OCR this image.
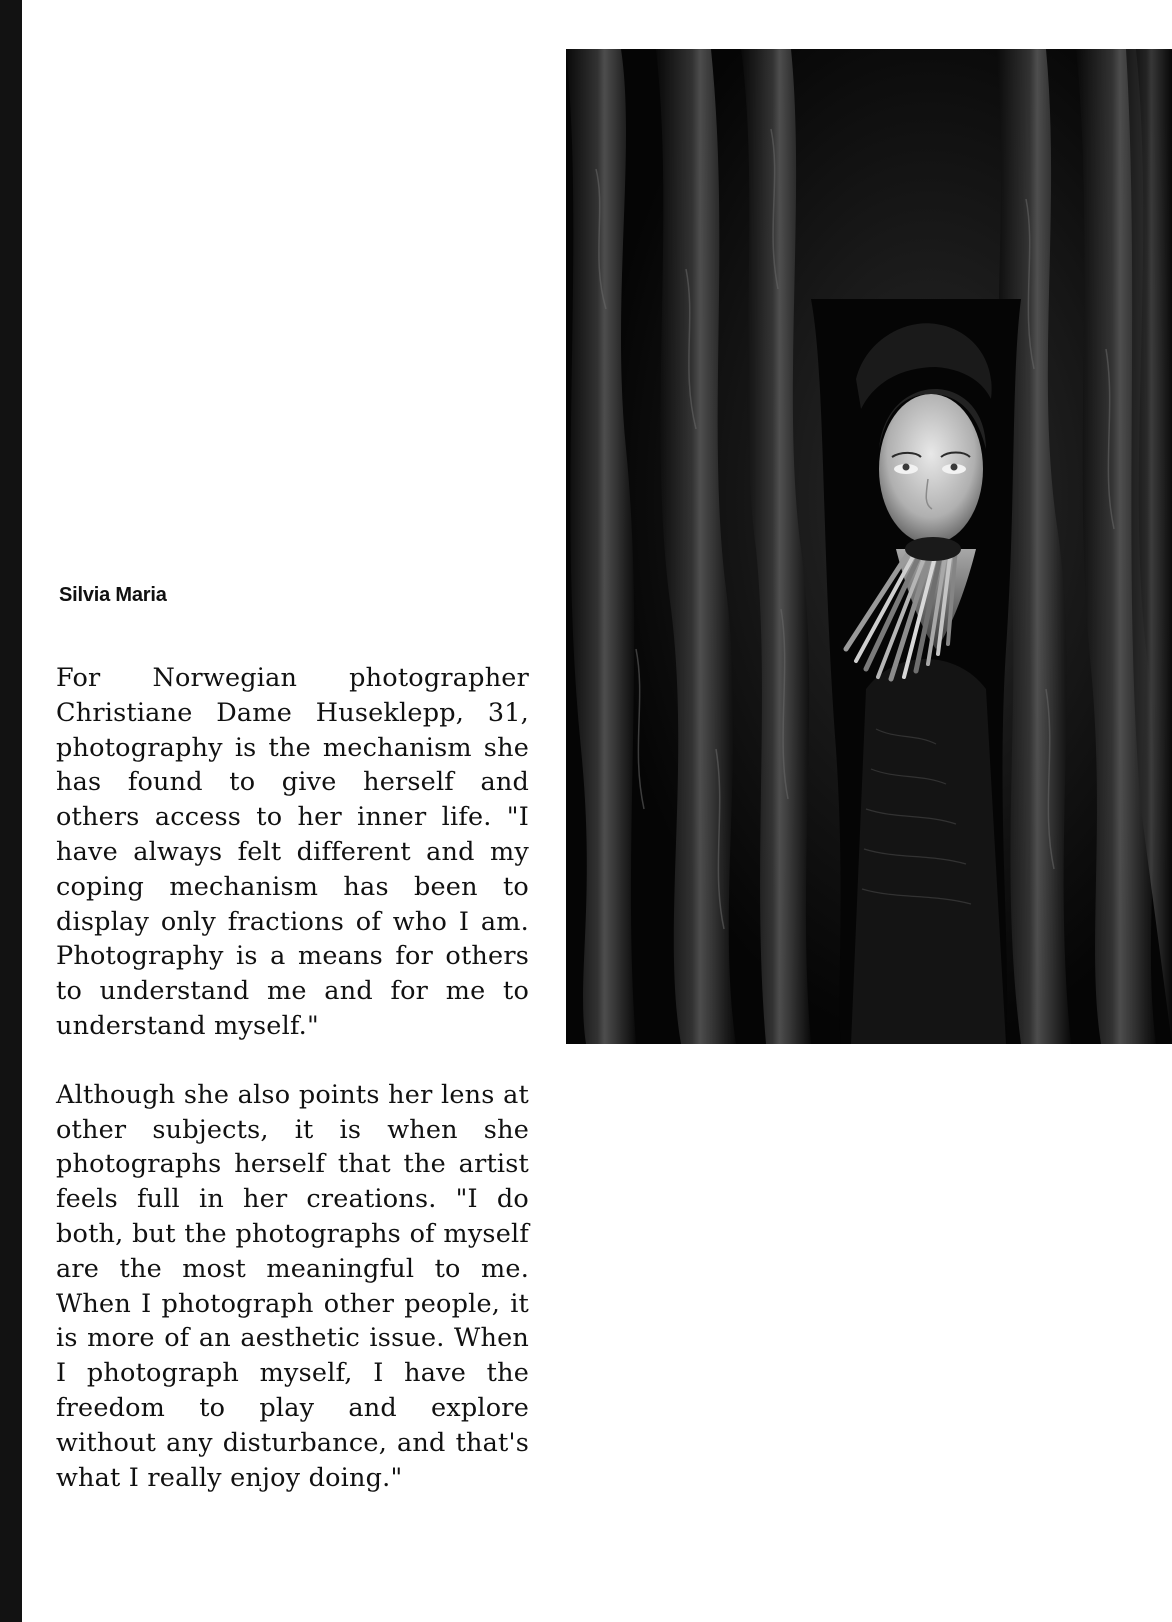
Silvia Maria

For Norwegian photographer Christiane Dame Huseklepp, 31, photography is the mechanism she has found to give herself and others access to her inner life. "I have always felt different and my coping mechanism has been to display only fractions of who I am. Photography is a means for others to understand me and for me to understand myself."

Although she also points her lens at other subjects, it is when she photographs herself that the artist feels full in her creations. "I do both, but the photographs of myself are the most meaningful to me. When I photograph other people, it is more of an aesthetic issue. When I photograph myself, I have the freedom to play and explore without any disturbance, and that's what I really enjoy doing."
